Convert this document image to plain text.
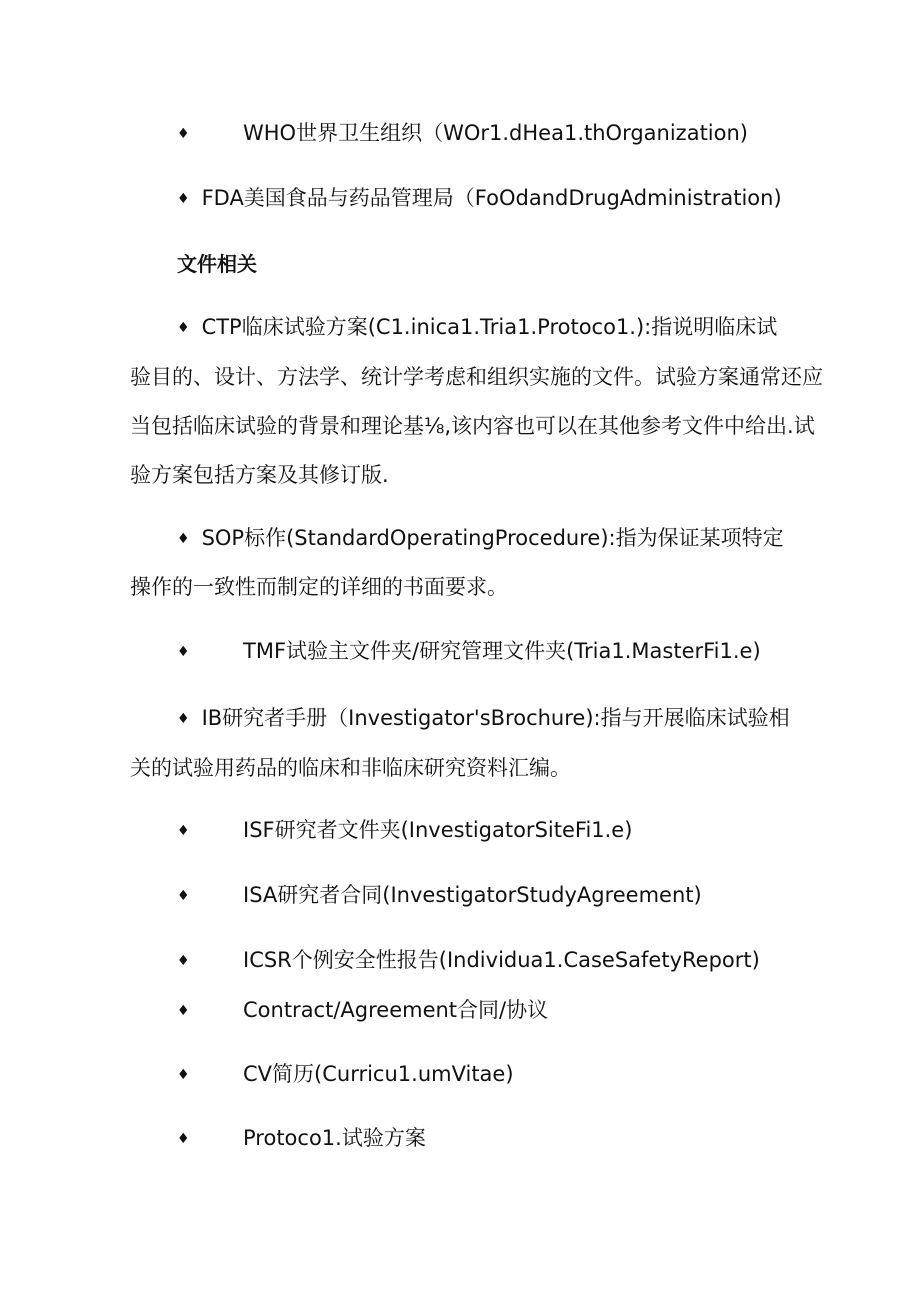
♦	WHO世界卫生组织（WOr1.dHea1.thOrganization)
♦ FDA美国食品与药品管理局（FoOdandDrugAdministration)
文件相关
♦ CTP临床试验方案(C1.inica1.Tria1.Protoco1.):指说明临床试
验目的、设计、方法学、统计学考虑和组织实施的文件。试验方案通常还应
当包括临床试验的背景和理论基⅛,该内容也可以在其他参考文件中给出.试
验方案包括方案及其修订版.
♦ SOP标作(StandardOperatingProcedure):指为保证某项特定
操作的一致性而制定的详细的书面要求。
♦	TMF试验主文件夹/研究管理文件夹(Tria1.MasterFi1.e)
♦ IB研究者手册（Investigator'sBrochure):指与开展临床试验相
关的试验用药品的临床和非临床研究资料汇编。
♦	ISF研究者文件夹(InvestigatorSiteFi1.e)
♦	ISA研究者合同(InvestigatorStudyAgreement)
♦	ICSR个例安全性报告(Individua1.CaseSafetyReport)
♦	Contract/Agreement合同/协议
♦	CV简历(Curricu1.umVitae)
♦	Protoco1.试验方案
